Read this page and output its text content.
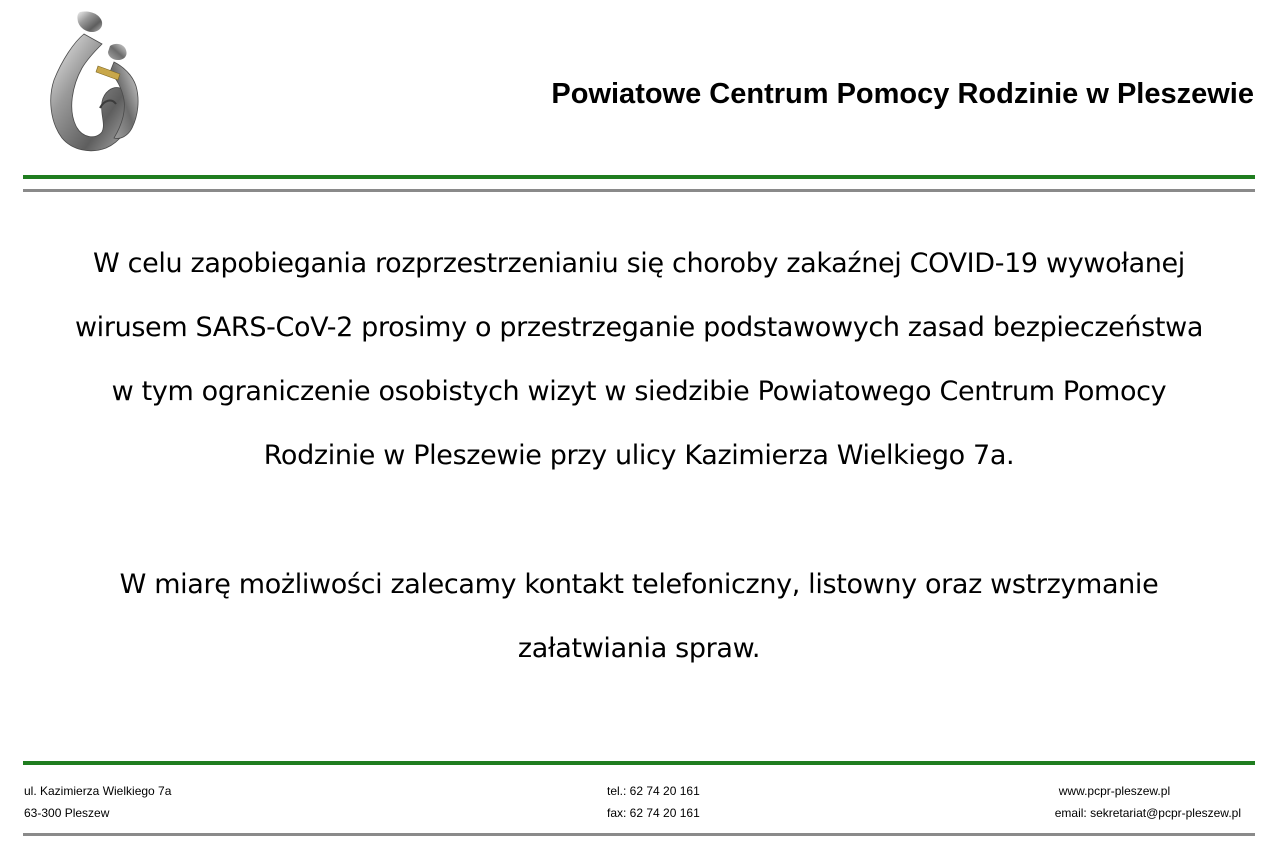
Powiatowe Centrum Pomocy Rodzinie w Pleszewie
W celu zapobiegania rozprzestrzenianiu się choroby zakaźnej COVID-19 wywołanej
wirusem SARS-CoV-2 prosimy o przestrzeganie podstawowych zasad bezpieczeństwa
w tym ograniczenie osobistych wizyt w siedzibie Powiatowego Centrum Pomocy
Rodzinie w Pleszewie przy ulicy Kazimierza Wielkiego 7a.
W miarę możliwości zalecamy kontakt telefoniczny, listowny oraz wstrzymanie
załatwiania spraw.
ul. Kazimierza Wielkiego 7a
63-300 Pleszew
tel.: 62 74 20 161
fax: 62 74 20 161
www.pcpr-pleszew.pl
email: sekretariat@pcpr-pleszew.pl
